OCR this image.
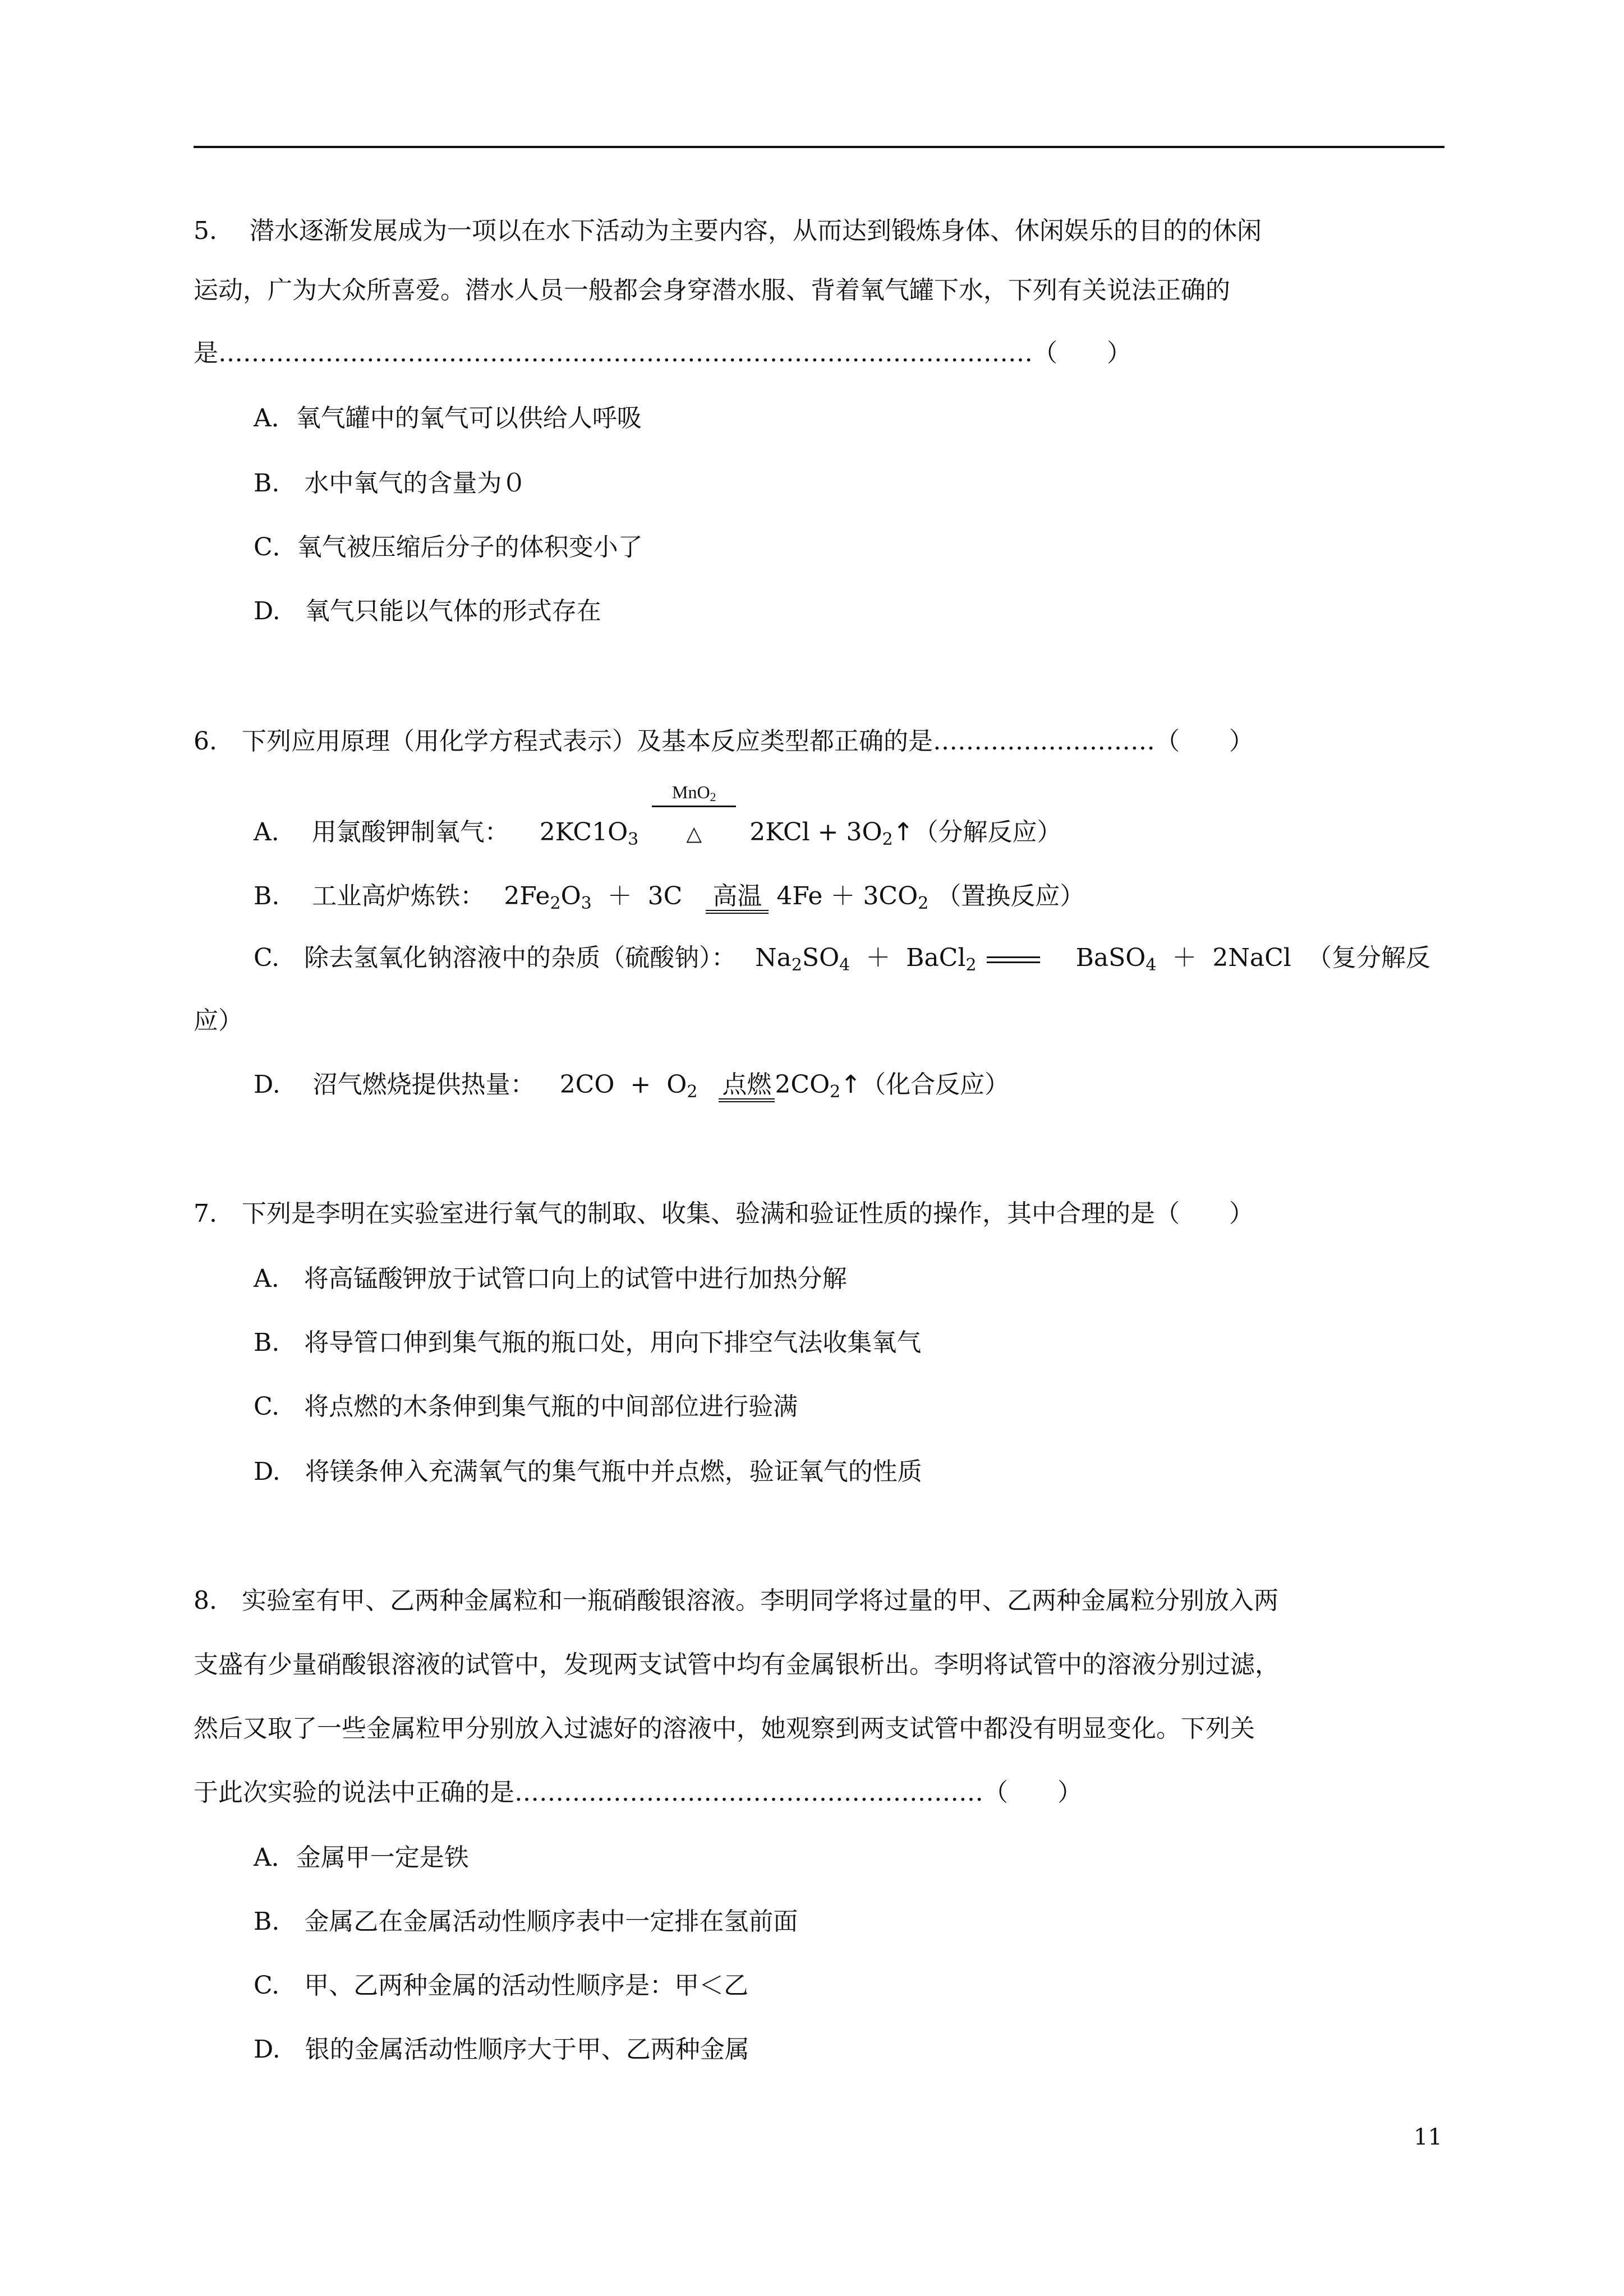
5.　 潜水逐渐发展成为一项以在水下活动为主要内容，从而达到锻炼身体、休闲娱乐的目的的休闲
运动，广为大众所喜爱。潜水人员一般都会身穿潜水服、背着氧气罐下水，下列有关说法正确的
是………………………………………………………………………………………（　　）
A．氧气罐中的氧气可以供给人呼吸
B.　水中氧气的含量为０
C．氧气被压缩后分子的体积变小了
D.　氧气只能以气体的形式存在
6.　下列应用原理（用化学方程式表示）及基本反应类型都正确的是………………………（　　）
A.　 用氯酸钾制氧气： $2KC1O_3$
MnO$_2$
△ $2KCl + 3O_2↑$（分解反应）
B.　 工业高炉炼铁： $2Fe_2O_3 + 3C$   高温 $4Fe + 3CO_2$ （置换反应）
C.　除去氢氧化钠溶液中的杂质（硫酸钠）： $Na_2SO_4$  ＋  BaCl$_2$	BaSO$_4$  ＋  2NaCl  （复分解反
应）
D.　 沼气燃烧提供热量： $2CO + O_2$ 点燃 $2CO_2↑$（化合反应）
7.　下列是李明在实验室进行氧气的制取、收集、验满和验证性质的操作，其中合理的是（　　）
A.　将高锰酸钾放于试管口向上的试管中进行加热分解
B.　将导管口伸到集气瓶的瓶口处，用向下排空气法收集氧气
C.　将点燃的木条伸到集气瓶的中间部位进行验满
D.　将镁条伸入充满氧气的集气瓶中并点燃，验证氧气的性质
8.　实验室有甲、乙两种金属粒和一瓶硝酸银溶液。李明同学将过量的甲、乙两种金属粒分别放入两
支盛有少量硝酸银溶液的试管中，发现两支试管中均有金属银析出。李明将试管中的溶液分别过滤，
然后又取了一些金属粒甲分别放入过滤好的溶液中，她观察到两支试管中都没有明显变化。下列关
于此次实验的说法中正确的是…………………………………………………（　　）
A．金属甲一定是铁
B.　金属乙在金属活动性顺序表中一定排在氢前面
C.　甲、乙两种金属的活动性顺序是：甲＜乙
D.　银的金属活动性顺序大于甲、乙两种金属
11
